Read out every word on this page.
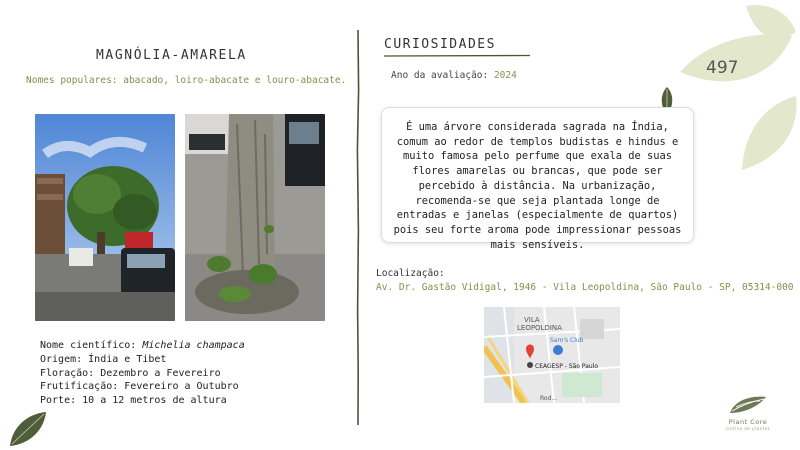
MAGNÓLIA-AMARELA
Nomes populares: abacado, loiro-abacate e louro-abacate.
Nome científico: Michelia champaca
Origem: Índia e Tibet
Floração: Dezembro a Fevereiro
Frutificação: Fevereiro a Outubro
Porte: 10 a 12 metros de altura
CURIOSIDADES
Ano da avaliação: 2024
É uma árvore considerada sagrada na Índia, comum ao redor de templos budistas e hindus e muito famosa pelo perfume que exala de suas flores amarelas ou brancas, que pode ser percebido à distância. Na urbanização, recomenda-se que seja plantada longe de entradas e janelas (especialmente de quartos) pois seu forte aroma pode impressionar pessoas mais sensíveis.
Localização:
Av. Dr. Gastão Vidigal, 1946 - Vila Leopoldina, São Paulo - SP, 05314-000
VILA
LEOPOLDINA
Sam's Club
CEAGESP - São Paulo
Rod...
497
Plant Core
cultivo de plantas
